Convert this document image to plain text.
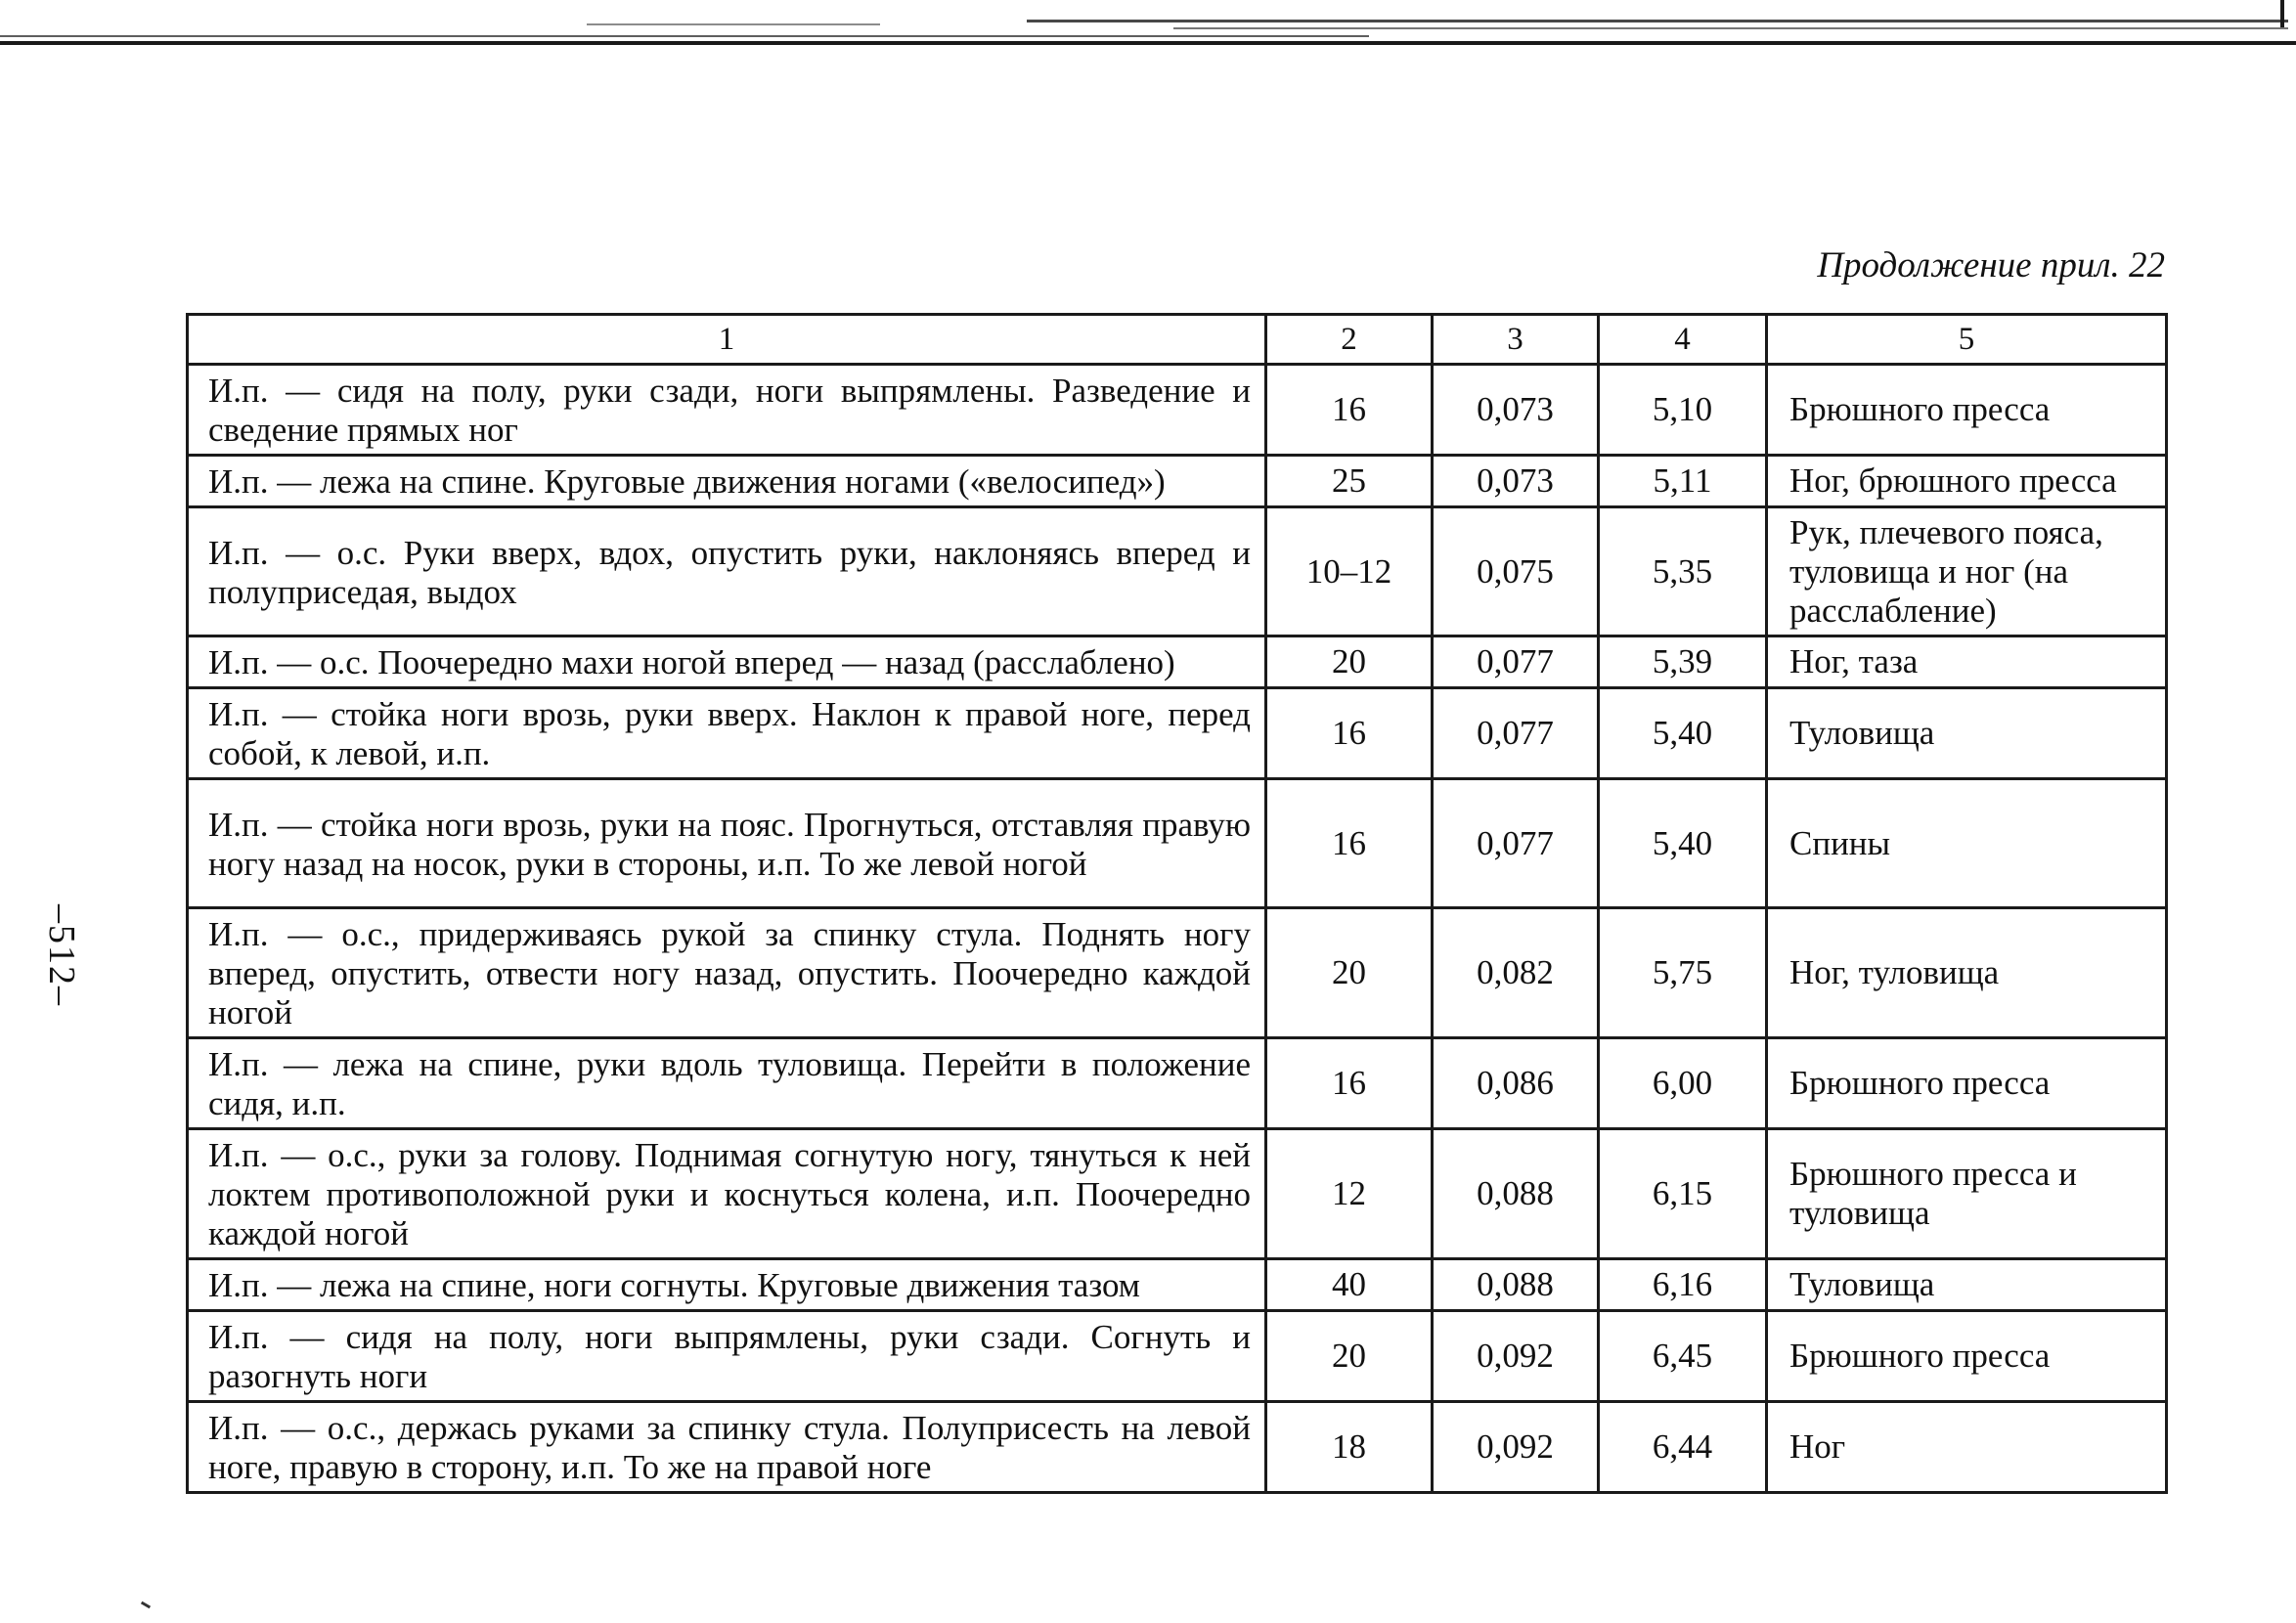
–512–
Продолжение прил. 22
1	2	3	4	5
И.п. — сидя на полу, руки сзади, ноги выпрямлены. Разведение и сведение прямых ног	16	0,073	5,10	Брюшного пресса
И.п. — лежа на спине. Круговые движения ногами («велосипед»)	25	0,073	5,11	Ног, брюшного пресса
И.п. — о.с. Руки вверх, вдох, опустить руки, наклоняясь вперед и полуприседая, выдох	10–12	0,075	5,35	Рук, плечевого пояса, туловища и ног (на расслабление)
И.п. — о.с. Поочередно махи ногой вперед — назад (расслаблено)	20	0,077	5,39	Ног, таза
И.п. — стойка ноги врозь, руки вверх. Наклон к правой ноге, перед собой, к левой, и.п.	16	0,077	5,40	Туловища
И.п. — стойка ноги врозь, руки на пояс. Прогнуться, отставляя правую ногу назад на носок, руки в стороны, и.п. То же левой ногой	16	0,077	5,40	Спины
И.п. — о.с., придерживаясь рукой за спинку стула. Поднять ногу вперед, опустить, отвести ногу назад, опустить. Поочередно каждой ногой	20	0,082	5,75	Ног, туловища
И.п. — лежа на спине, руки вдоль туловища. Перейти в положение сидя, и.п.	16	0,086	6,00	Брюшного пресса
И.п. — о.с., руки за голову. Поднимая согнутую ногу, тянуться к ней локтем противоположной руки и коснуться колена, и.п. Поочередно каждой ногой	12	0,088	6,15	Брюшного пресса и туловища
И.п. — лежа на спине, ноги согнуты. Круговые движения тазом	40	0,088	6,16	Туловища
И.п. — сидя на полу, ноги выпрямлены, руки сзади. Согнуть и разогнуть ноги	20	0,092	6,45	Брюшного пресса
И.п. — о.с., держась руками за спинку стула. Полуприсесть на левой ноге, правую в сторону, и.п. То же на правой ноге	18	0,092	6,44	Ног
